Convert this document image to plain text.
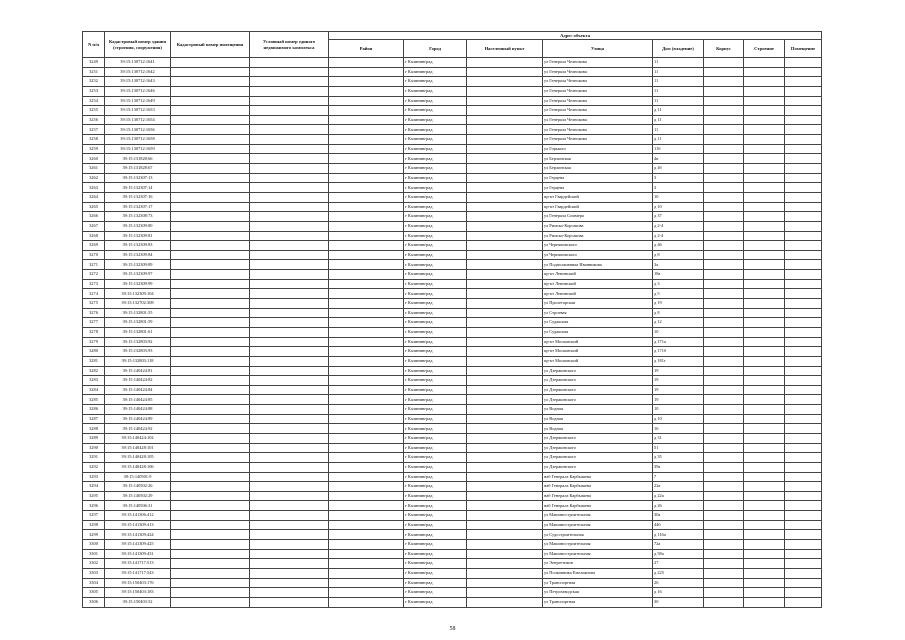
N п/п	Кадастровый номер здания (строения, сооружения)	Кадастровый номер помещения	Условный номер единого недвижимого комплекса	Адрес объекта							
				Район	Город	Населенный пункт	Улица	Дом (владение)	Корпус	Строение	Помещение
3249	39:15:130712:1641				г Калининград		ул Генерала Челнокова	11			
3251	39:15:130712:1642				г Калининград		ул Генерала Челнокова	11			
3252	39:15:130712:1643				г Калининград		ул Генерала Челнокова	11			
3253	39:15:130712:1646				г Калининград		ул Генерала Челнокова	11			
3254	39:15:130712:1649				г Калининград		ул Генерала Челнокова	11			
3255	39:15:130712:1653				г Калининград		ул Генерала Челнокова	д 11			
3256	39:15:130712:1654				г Калининград		ул Генерала Челнокова	д 11			
3257	39:15:130712:1656				г Калининград		ул Генерала Челнокова	11			
3258	39:15:130712:1658				г Калининград		ул Генерала Челнокова	д 11			
3259	39:15:130712:1659				г Калининград		ул Горького	116			
3260	39:15:131828:66				г Калининград		ул Берлинская	4в			
3261	39:15:131828:67				г Калининград		ул Берлинская	д 4б			
3262	39:15:132307:13				г Калининград		ул Герцена	3			
3263	39:15:132307:14				г Калининград		ул Герцена	3			
3264	39:15:132307:16				г Калининград		пр-кт Гвардейский	10			
3265	39:15:132307:17				г Калининград		пр-кт Гвардейский	д 10			
3266	39:15:132308:73				г Калининград		ул Генерала Соммера	д 37			
3267	39:15:132309:80				г Калининград		ул Римско-Корсакова	д 2-4			
3268	39:15:132309:81				г Калининград		ул Римско-Корсакова	д 2-4			
3269	39:15:132309:83				г Калининград		ул Черняховского	д 46			
3270	39:15:132309:84				г Калининград		ул Черняховского	д 8			
3271	39:15:132309:89				г Калининград		ул Подполковника Иванникова	3а			
3272	39:15:132309:97				г Калининград		пр-кт Ленинский	18а			
3273	39:15:132309:99				г Калининград		пр-кт Ленинский	д 3			
3274	39:15:132309:104				г Калининград		пр-кт Ленинский	д 5			
3275	39:15:132702:308				г Калининград		ул Пролетарская	д 19			
3276	39:15:132801:55				г Калининград		ул Строевая	д 8			
3277	39:15:132801:59				г Калининград		ул Судакская	д 12			
3278	39:15:132801:61				г Калининград		ул Судакская	10			
3279	39:15:132803:92				г Калининград		пр-кт Московский	д 171а			
3280	39:15:132803:93				г Калининград		пр-кт Московский	д 171б			
3281	39:15:132803:118				г Калининград		пр-кт Московский	д 181г			
3282	39:15:140424:81				г Калининград		ул Дзержинского	19			
3283	39:15:140424:82				г Калининград		ул Дзержинского	19			
3284	39:15:140424:84				г Калининград		ул Дзержинского	19			
3285	39:15:140424:85				г Калининград		ул Дзержинского	19			
3286	39:15:140424:88				г Калининград		ул Водная	10			
3287	39:15:140424:89				г Калининград		ул Водная	д 10			
3288	39:15:140424:92				г Калининград		ул Водная	16			
3289	39:15:140424:102				г Калининград		ул Дзержинского	д 31			
3290	39:15:140428:101				г Калининград		ул Дзержинского	51			
3291	39:15:140428:105				г Калининград		ул Дзержинского	д 35			
3292	39:15:140428:106				г Калининград		ул Дзержинского	39а			
3293	39:15:140501:9				г Калининград		наб Генерала Карбышева	7			
3294	39:15:140502:26				г Калининград		наб Генерала Карбышева	22а			
3295	39:15:140502:29				г Калининград		наб Генерала Карбышева	д 22а			
3296	39:15:140506:31				г Калининград		наб Генерала Карбышева	д 26			
3297	39:15:141306:412				г Калининград		ул Машиностроительная	30а			
3298	39:15:141309:413				г Калининград		ул Машиностроительная	44б			
3299	39:15:141309:424				г Калининград		ул Судостроительная	д 116а			
3300	39:15:141309:425				г Калининград		ул Машиностроительная	72а			
3301	39:15:141309:431				г Калининград		ул Машиностроительная	д 58а			
3302	39:15:141717:513				г Калининград		ул Энергетиков	27			
3303	39:15:141717:543				г Калининград		ул Полковника Емельянова	д 225			
3304	39:15:150403:176				г Калининград		ул Транспортная	26			
3305	39:15:150403:183				г Калининград		ул Петрозаводская	д 16			
3306	39:15:150403:52				г Калининград		ул Транспортная	30			
58
